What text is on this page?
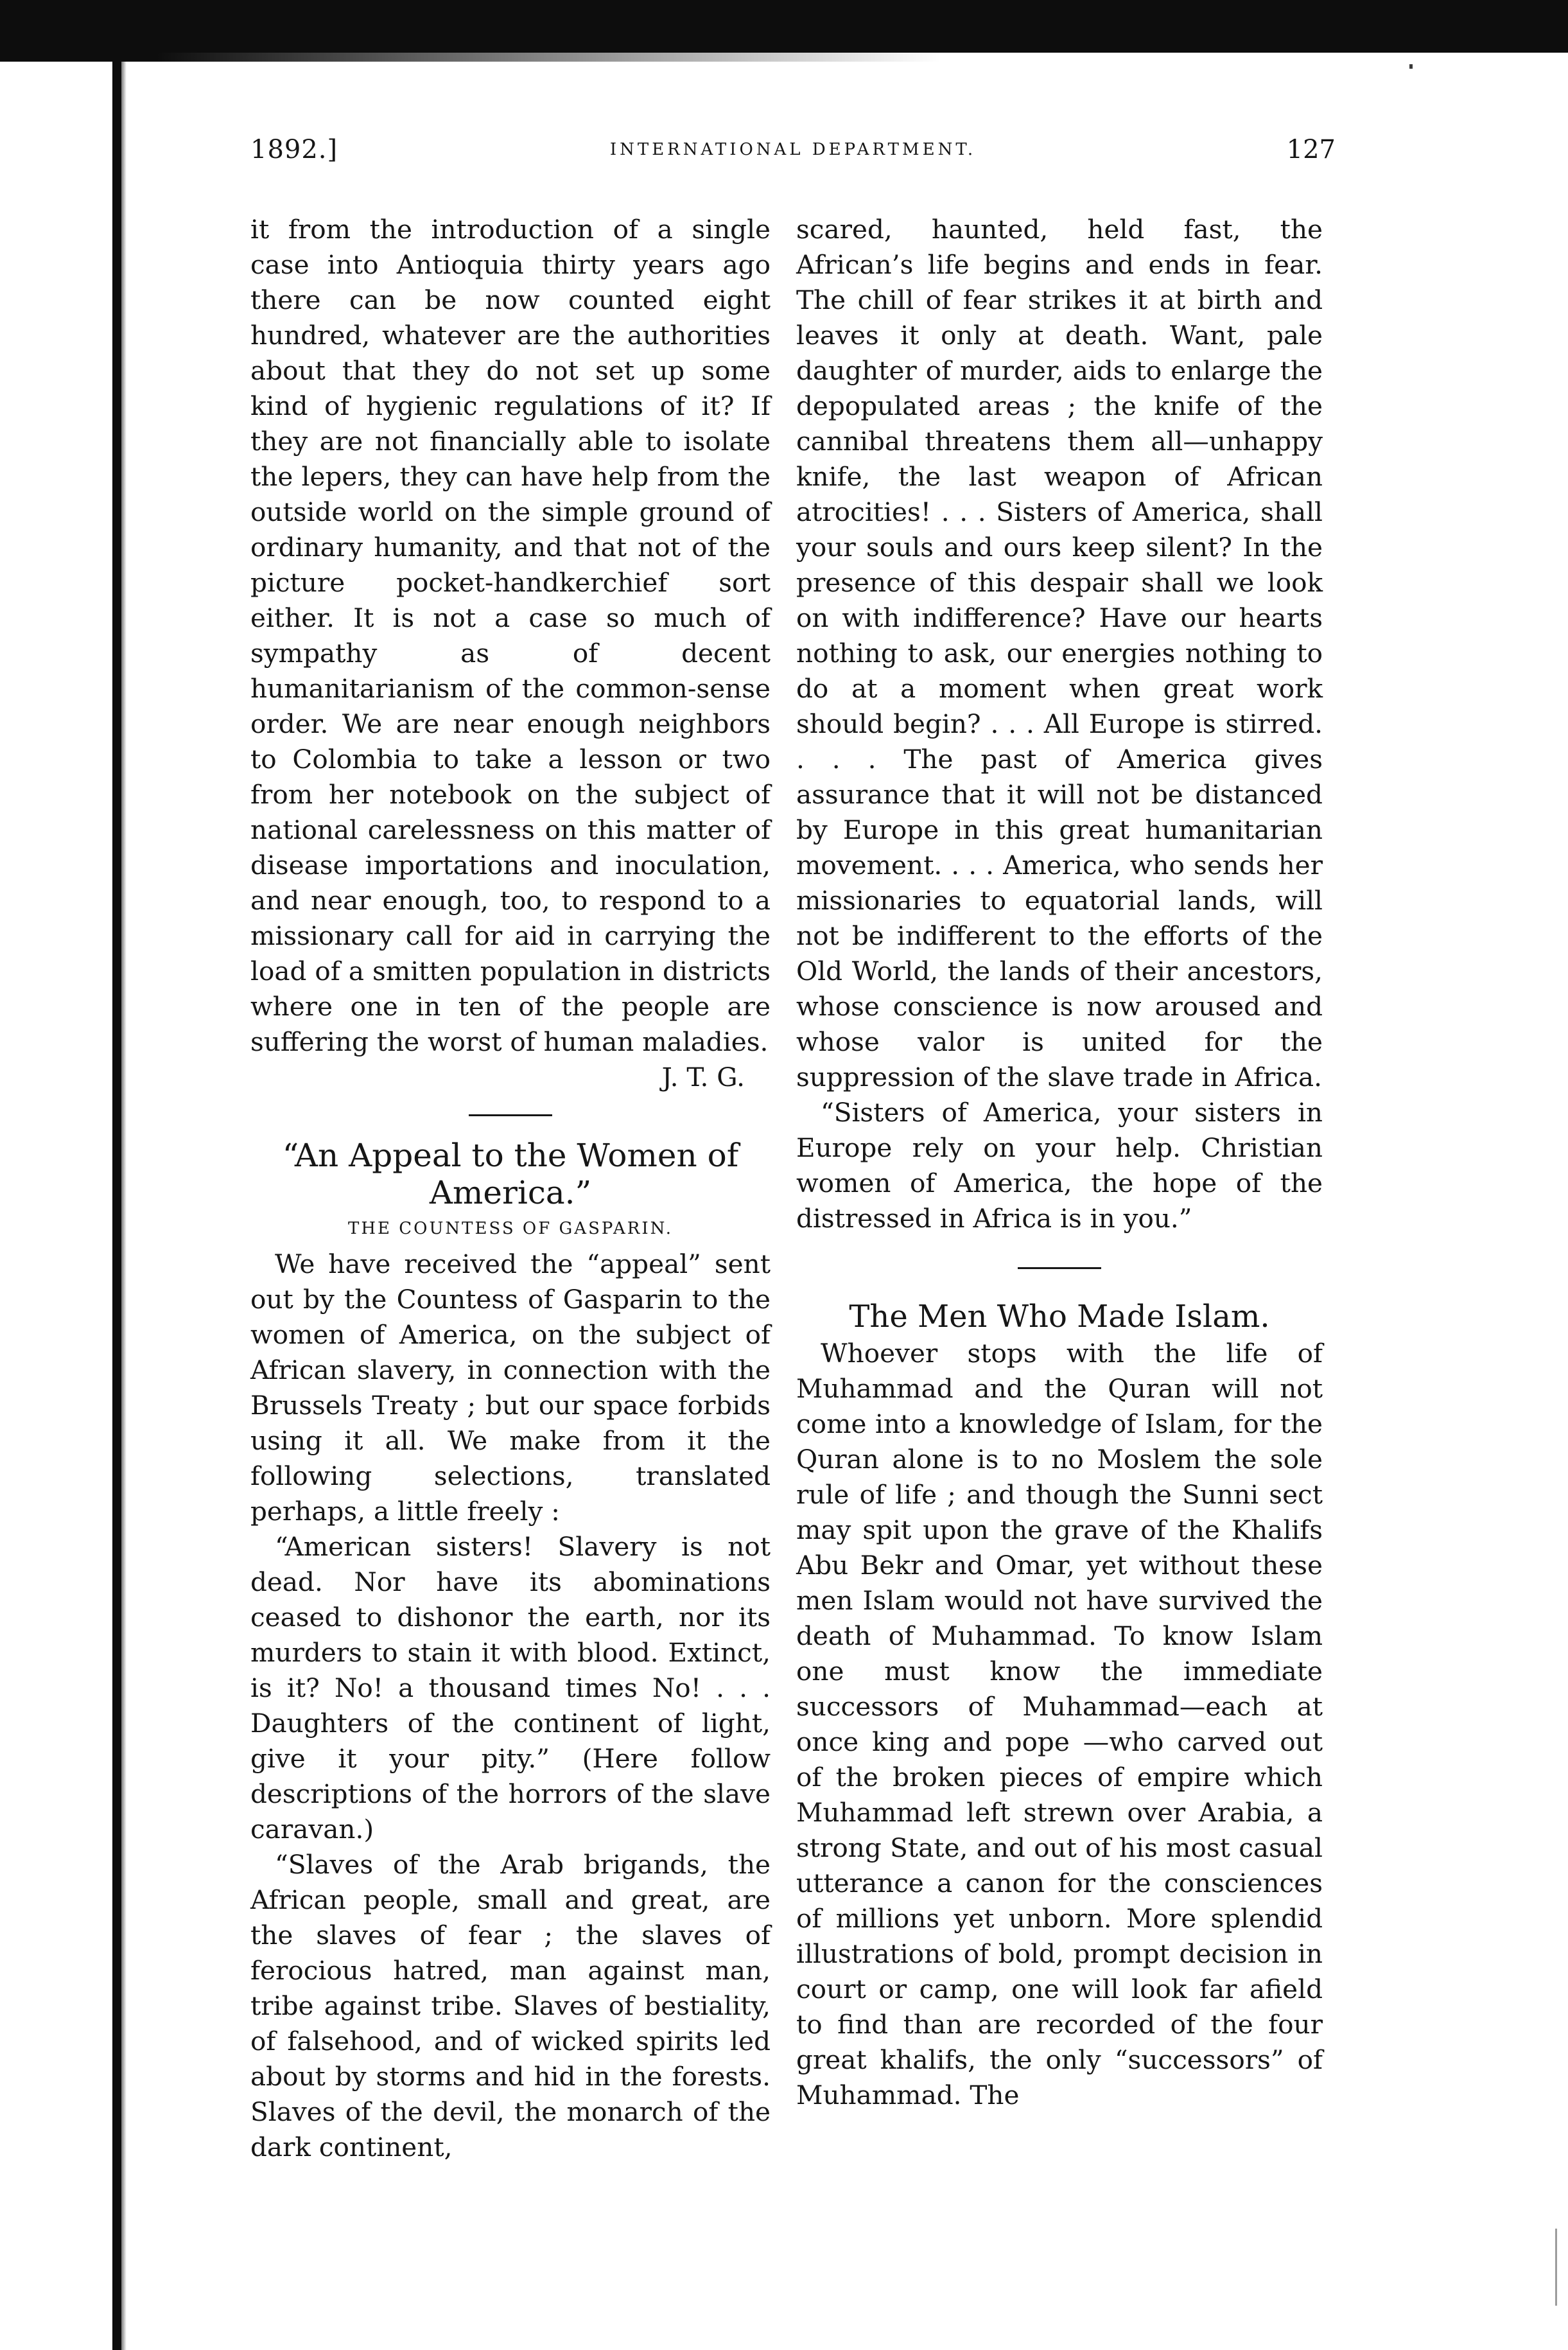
1892.]	INTERNATIONAL DEPARTMENT.	127

it from the introduction of a single case into Antioquia thirty years ago there can be now counted eight hundred, whatever are the authorities about that they do not set up some kind of hygienic regulations of it? If they are not financially able to isolate the lepers, they can have help from the outside world on the simple ground of ordinary humanity, and that not of the picture pocket-handkerchief sort either. It is not a case so much of sympathy as of decent humanitarianism of the common-sense order. We are near enough neighbors to Colombia to take a lesson or two from her notebook on the subject of national carelessness on this matter of disease importations and inoculation, and near enough, too, to respond to a missionary call for aid in carrying the load of a smitten population in districts where one in ten of the people are suffering the worst of human maladies.

J. T. G.

“An Appeal to the Women of America.”

THE COUNTESS OF GASPARIN.

We have received the “appeal” sent out by the Countess of Gasparin to the women of America, on the subject of African slavery, in connection with the Brussels Treaty ; but our space forbids using it all. We make from it the following selections, translated perhaps, a little freely :

“American sisters! Slavery is not dead. Nor have its abominations ceased to dishonor the earth, nor its murders to stain it with blood. Extinct, is it? No! a thousand times No! . . . Daughters of the continent of light, give it your pity.” (Here follow descriptions of the horrors of the slave caravan.)

“Slaves of the Arab brigands, the African people, small and great, are the slaves of fear ; the slaves of ferocious hatred, man against man, tribe against tribe. Slaves of bestiality, of falsehood, and of wicked spirits led about by storms and hid in the forests. Slaves of the devil, the monarch of the dark continent,

scared, haunted, held fast, the African’s life begins and ends in fear. The chill of fear strikes it at birth and leaves it only at death. Want, pale daughter of murder, aids to enlarge the depopulated areas ; the knife of the cannibal threatens them all—unhappy knife, the last weapon of African atrocities! . . . Sisters of America, shall your souls and ours keep silent? In the presence of this despair shall we look on with indifference? Have our hearts nothing to ask, our energies nothing to do at a moment when great work should begin? . . . All Europe is stirred. . . . The past of America gives assurance that it will not be distanced by Europe in this great humanitarian movement. . . . America, who sends her missionaries to equatorial lands, will not be indifferent to the efforts of the Old World, the lands of their ancestors, whose conscience is now aroused and whose valor is united for the suppression of the slave trade in Africa.

“Sisters of America, your sisters in Europe rely on your help. Christian women of America, the hope of the distressed in Africa is in you.”

The Men Who Made Islam.

Whoever stops with the life of Muhammad and the Quran will not come into a knowledge of Islam, for the Quran alone is to no Moslem the sole rule of life ; and though the Sunni sect may spit upon the grave of the Khalifs Abu Bekr and Omar, yet without these men Islam would not have survived the death of Muhammad. To know Islam one must know the immediate successors of Muhammad—each at once king and pope —who carved out of the broken pieces of empire which Muhammad left strewn over Arabia, a strong State, and out of his most casual utterance a canon for the consciences of millions yet unborn. More splendid illustrations of bold, prompt decision in court or camp, one will look far afield to find than are recorded of the four great khalifs, the only “successors” of Muhammad. The
